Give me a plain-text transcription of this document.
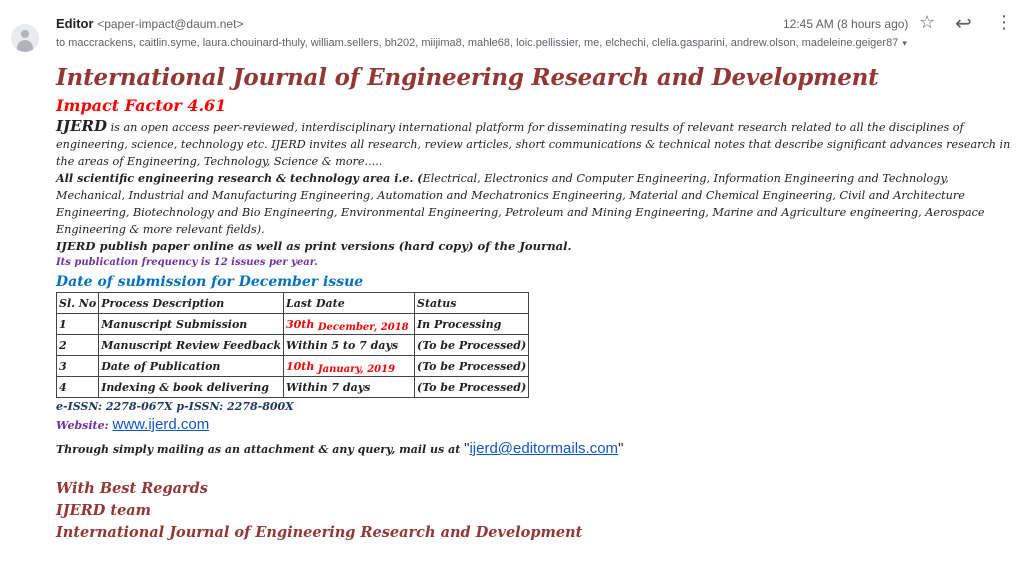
Editor <paper-impact@daum.net>
to maccrackens, caitlin.syme, laura.chouinard-thuly, william.sellers, bh202, miijima8, mahle68, loic.pellissier, me, elchechi, clelia.gasparini, andrew.olson, madeleine.geiger87 ▾
12:45 AM (8 hours ago) ☆ ↩ ⋮
International Journal of Engineering Research and Development
Impact Factor 4.61
IJERD is an open access peer-reviewed, interdisciplinary international platform for disseminating results of relevant research related to all the disciplines of engineering, science, technology etc. IJERD invites all research, review articles, short communications & technical notes that describe significant advances research in the areas of Engineering, Technology, Science & more.....
All scientific engineering research & technology area i.e. (Electrical, Electronics and Computer Engineering, Information Engineering and Technology, Mechanical, Industrial and Manufacturing Engineering, Automation and Mechatronics Engineering, Material and Chemical Engineering, Civil and Architecture Engineering, Biotechnology and Bio Engineering, Environmental Engineering, Petroleum and Mining Engineering, Marine and Agriculture engineering, Aerospace Engineering & more relevant fields).
IJERD publish paper online as well as print versions (hard copy) of the Journal.
Its publication frequency is 12 issues per year.
Date of submission for December issue
Sl. No	Process Description	Last Date	Status
1	Manuscript Submission	30th December, 2018	In Processing
2	Manuscript Review Feedback	Within 5 to 7 days	(To be Processed)
3	Date of Publication	10th January, 2019	(To be Processed)
4	Indexing & book delivering	Within 7 days	(To be Processed)
e-ISSN: 2278-067X p-ISSN: 2278-800X
Website: www.ijerd.com
Through simply mailing as an attachment & any query, mail us at "ijerd@editormails.com"
With Best Regards
IJERD team
International Journal of Engineering Research and Development
